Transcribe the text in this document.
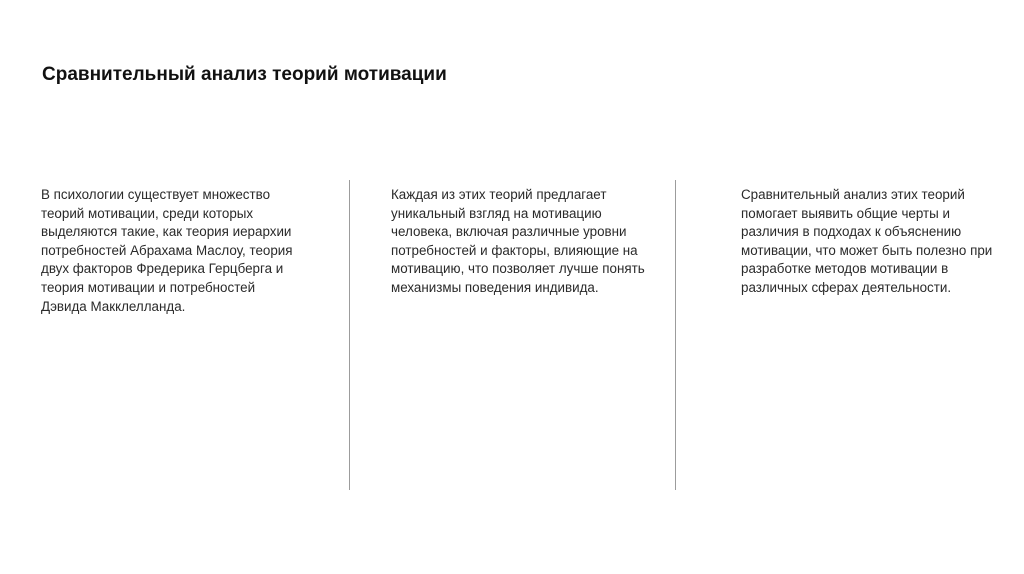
Сравнительный анализ теорий мотивации
В психологии существует множество
теорий мотивации, среди которых
выделяются такие, как теория иерархии
потребностей Абрахама Маслоу, теория
двух факторов Фредерика Герцберга и
теория мотивации и потребностей
Дэвида Макклелланда.
Каждая из этих теорий предлагает
уникальный взгляд на мотивацию
человека, включая различные уровни
потребностей и факторы, влияющие на
мотивацию, что позволяет лучше понять
механизмы поведения индивида.
Сравнительный анализ этих теорий
помогает выявить общие черты и
различия в подходах к объяснению
мотивации, что может быть полезно при
разработке методов мотивации в
различных сферах деятельности.
